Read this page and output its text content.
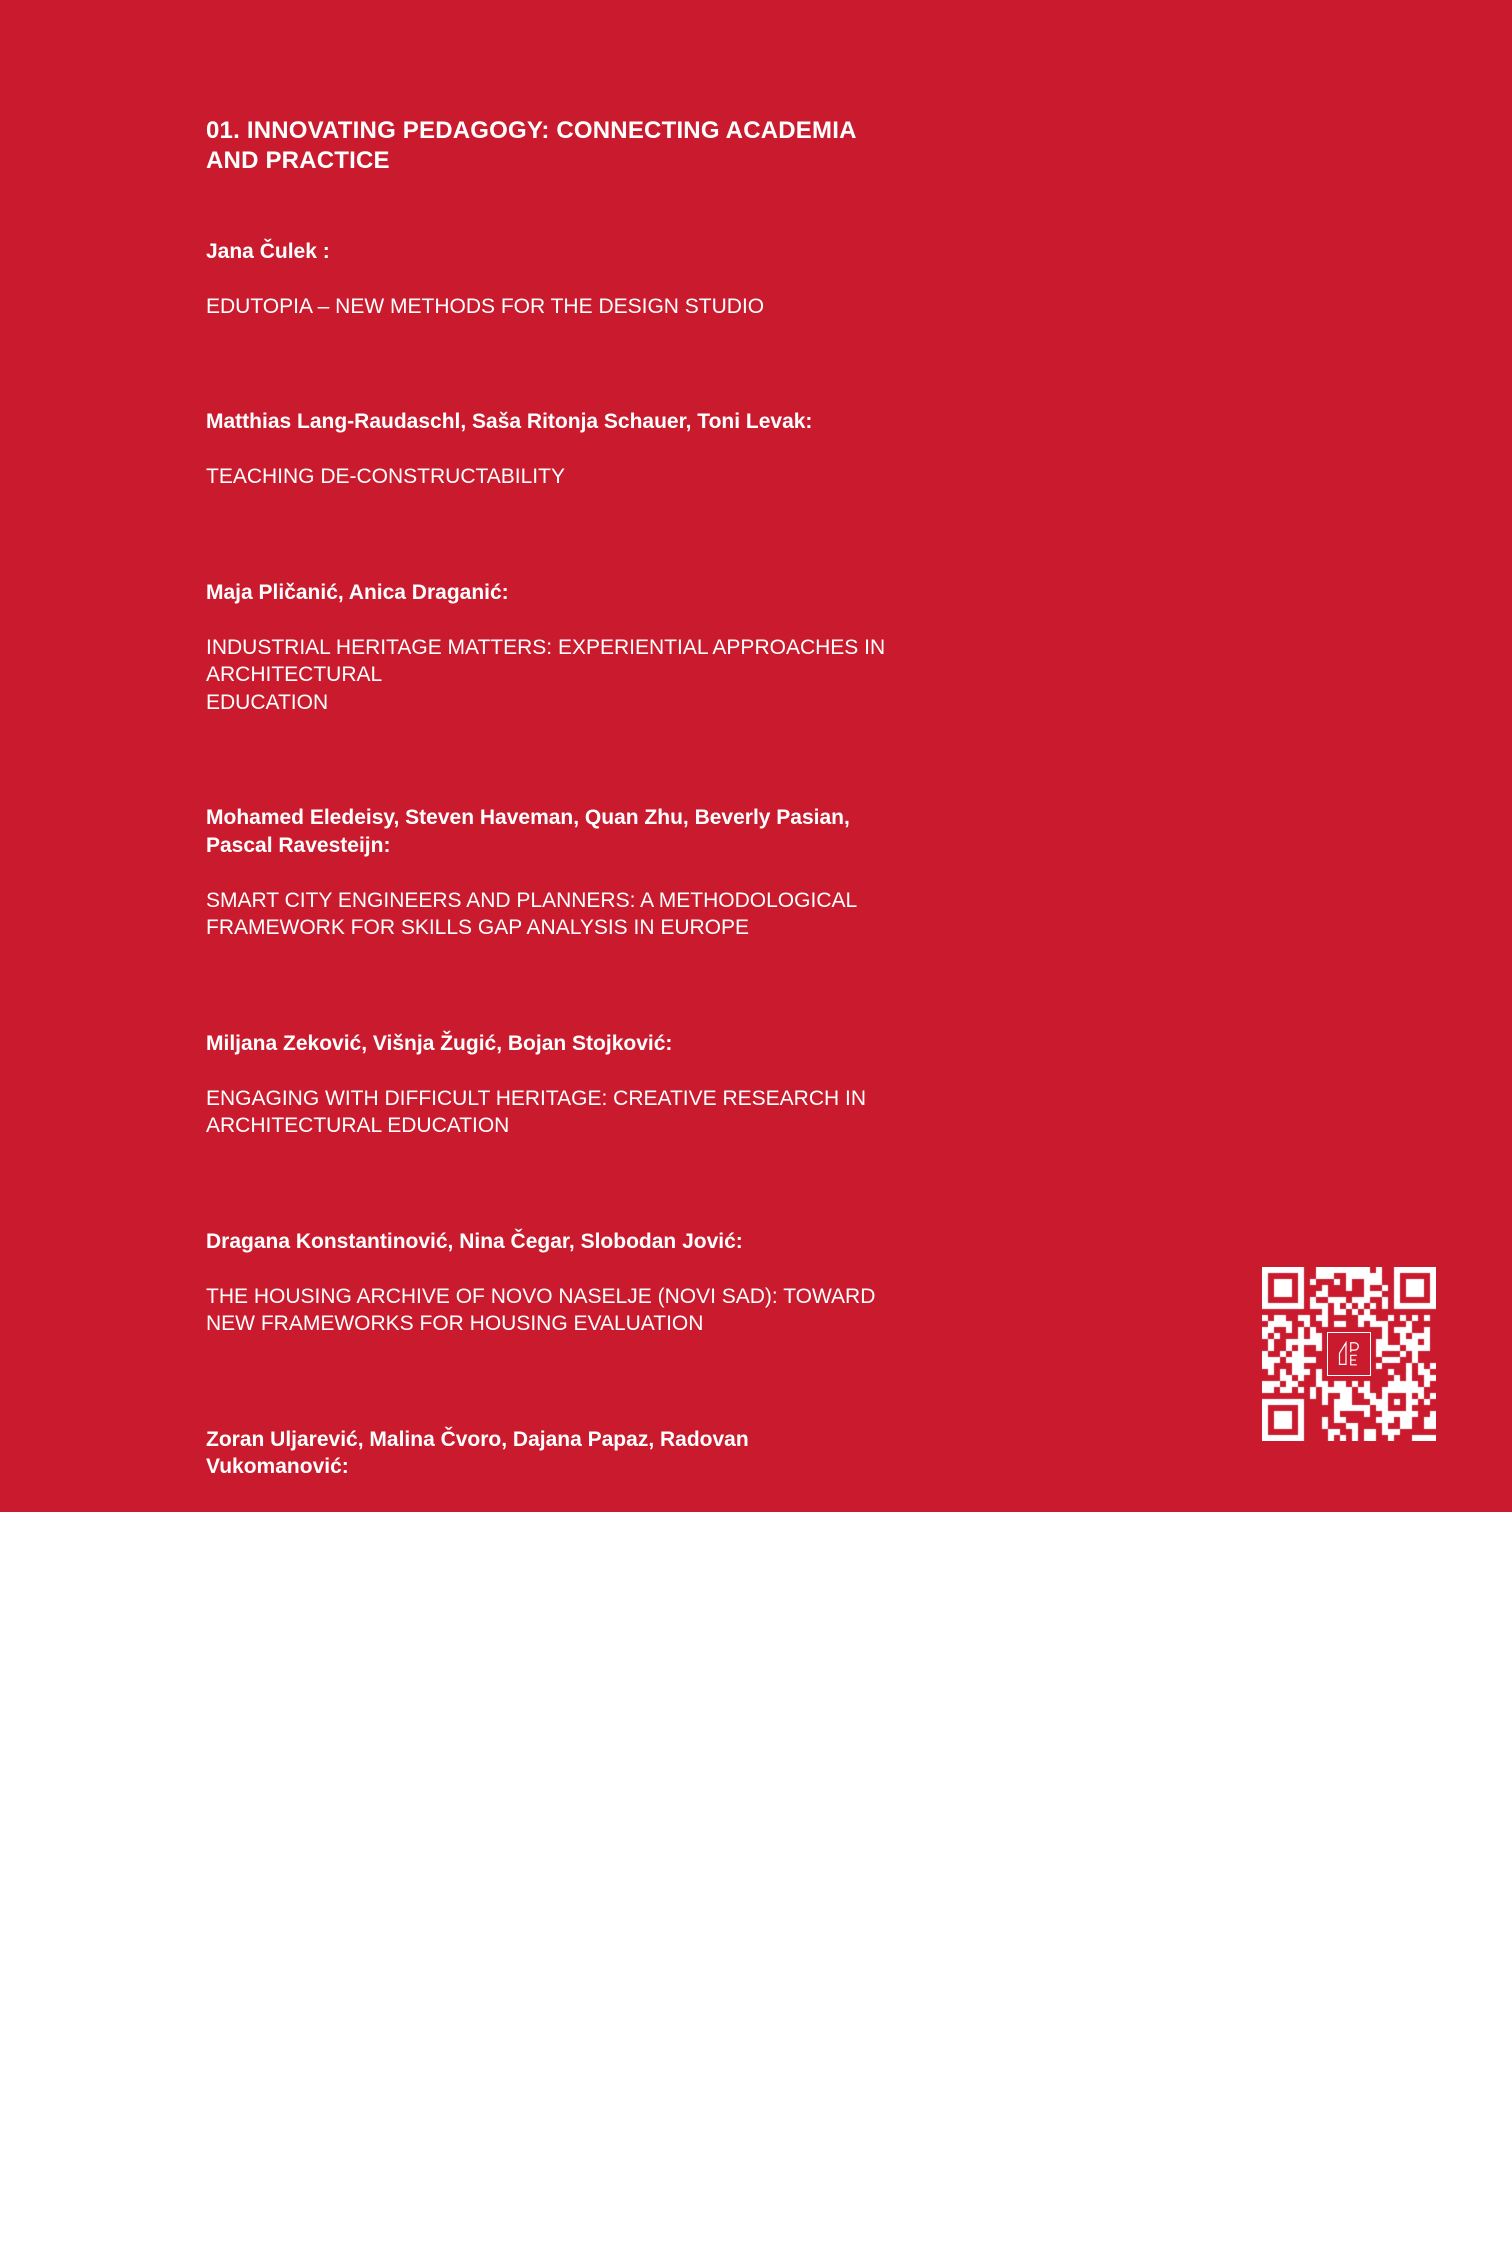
01. INNOVATING PEDAGOGY: CONNECTING ACADEMIA
AND PRACTICE

Jana Čulek :

EDUTOPIA – NEW METHODS FOR THE DESIGN STUDIO

Matthias Lang-Raudaschl, Saša Ritonja Schauer, Toni Levak:

TEACHING DE-CONSTRUCTABILITY

Maja Pličanić, Anica Draganić:

INDUSTRIAL HERITAGE MATTERS: EXPERIENTIAL APPROACHES IN
ARCHITECTURAL
EDUCATION

Mohamed Eledeisy, Steven Haveman, Quan Zhu, Beverly Pasian,
Pascal Ravesteijn:

SMART CITY ENGINEERS AND PLANNERS: A METHODOLOGICAL
FRAMEWORK FOR SKILLS GAP ANALYSIS IN EUROPE

Miljana Zeković, Višnja Žugić, Bojan Stojković:

ENGAGING WITH DIFFICULT HERITAGE: CREATIVE RESEARCH IN
ARCHITECTURAL EDUCATION

Dragana Konstantinović, Nina Čegar, Slobodan Jović:

THE HOUSING ARCHIVE OF NOVO NASELJE (NOVI SAD): TOWARD
NEW FRAMEWORKS FOR HOUSING EVALUATION

Zoran Uljarević, Malina Čvoro, Dajana Papaz, Radovan
Vukomanović:

SHIFTING BOUNDARIES: KNOWLEDGE TRANSFER BEYOND SCHOOL
ZONES

Igor Kuvač, Diana Stupar, Markus Schwai:

SOCIALLY RESPONSIBLE ACTION AS A FORM OF NEW
EXPERIMENTAL PRACTICES FOR ARCHITECTURE STUDENTS

Višnja Žugić, Bojan Stojković, Petar Mitrović:

DISPROGRAMMING THE SYLLABUS: EMBRACING NON-UTILITY IN
ARCHITECTURAL DESIGN

Ana Nikezić, Jelena Ristić Trajković, Aleksandra Milovanović ,
Aleksandra Đorđević, Mladen Pešić:

ANALOGOUS MAP AS A TOOL FOR CRITICAL THINKING IN
ARCHITECTURAL HIGER EDUCATION
